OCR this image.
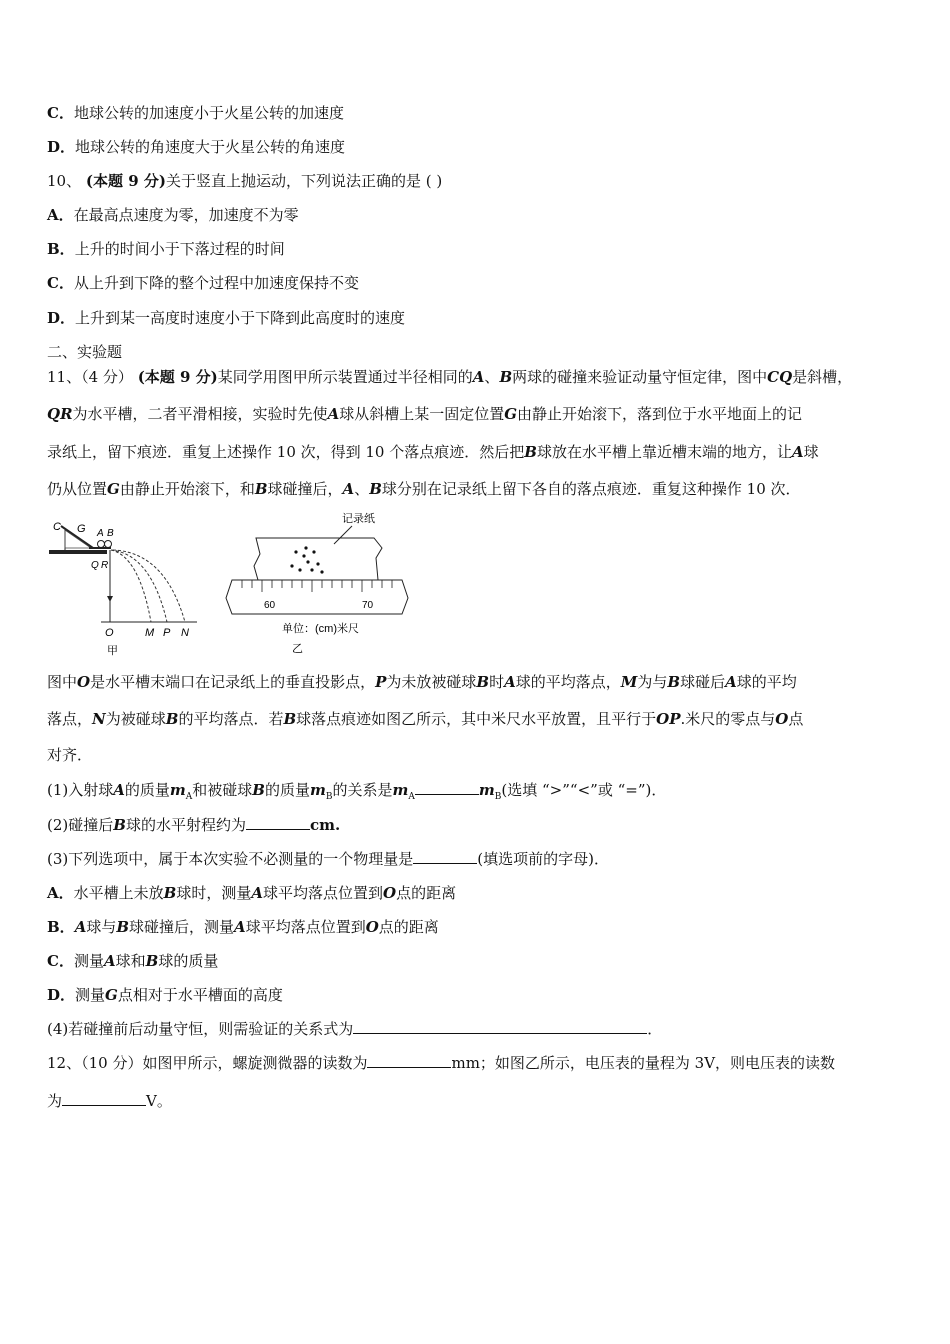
C．地球公转的加速度小于火星公转的加速度
D．地球公转的角速度大于火星公转的角速度
10、 (本题 9 分)关于竖直上抛运动，下列说法正确的是 ( )
A．在最高点速度为零，加速度不为零
B．上升的时间小于下落过程的时间
C．从上升到下降的整个过程中加速度保持不变
D．上升到某一高度时速度小于下降到此高度时的速度
二、实验题
11、（4 分） (本题 9 分)某同学用图甲所示装置通过半径相同的A、B两球的碰撞来验证动量守恒定律，图中CQ是斜槽，
QR为水平槽，二者平滑相接，实验时先使A球从斜槽上某一固定位置G由静止开始滚下，落到位于水平地面上的记
录纸上，留下痕迹．重复上述操作 10 次，得到 10 个落点痕迹．然后把B球放在水平槽上靠近槽末端的地方，让A球
仍从位置G由静止开始滚下，和B球碰撞后，A、B球分别在记录纸上留下各自的落点痕迹．重复这种操作 10 次．
C G A B
Q R
O	M P N
甲
记录纸
60	70
单位：(cm)米尺
乙
图中O是水平槽末端口在记录纸上的垂直投影点，P为未放被碰球B时A球的平均落点，M为与B球碰后A球的平均
落点，N为被碰球B的平均落点．若B球落点痕迹如图乙所示，其中米尺水平放置，且平行于OP.米尺的零点与O点
对齐．
(1)入射球A的质量$m_A$和被碰球B的质量$m_B$的关系是$m_A$	$m_B$(选填 “>”“<”或 “=”)．
(2)碰撞后B球的水平射程约为	cm.
(3)下列选项中，属于本次实验不必测量的一个物理量是	(填选项前的字母)．
A．水平槽上未放B球时，测量A球平均落点位置到O点的距离
B．A球与B球碰撞后，测量A球平均落点位置到O点的距离
C．测量A球和B球的质量
D．测量G点相对于水平槽面的高度
(4)若碰撞前后动量守恒，则需验证的关系式为	．
12、（10 分）如图甲所示，螺旋测微器的读数为	mm；如图乙所示，电压表的量程为 3V，则电压表的读数
为	V。
